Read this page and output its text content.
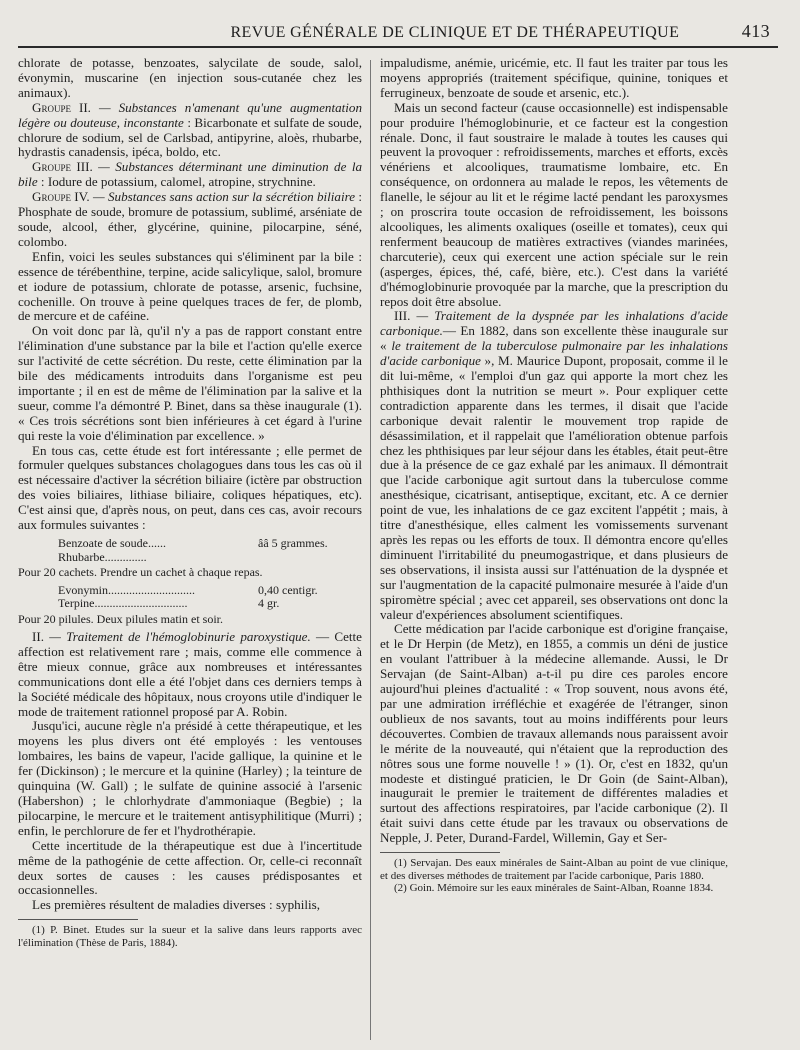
REVUE GÉNÉRALE DE CLINIQUE ET DE THÉRAPEUTIQUE	413

chlorate de potasse, benzoates, salycilate de soude, salol, évonymin, muscarine (en injection sous-cutanée chez les animaux).

Groupe II. — Substances n'amenant qu'une augmentation légère ou douteuse, inconstante : Bicarbonate et sulfate de soude, chlorure de sodium, sel de Carlsbad, antipyrine, aloès, rhubarbe, hydrastis canadensis, ipéca, boldo, etc.

Groupe III. — Substances déterminant une diminution de la bile : Iodure de potassium, calomel, atropine, strychnine.

Groupe IV. — Substances sans action sur la sécrétion biliaire : Phosphate de soude, bromure de potassium, sublimé, arséniate de soude, alcool, éther, glycérine, quinine, pilocarpine, séné, colombo.

Enfin, voici les seules substances qui s'éliminent par la bile : essence de térébenthine, terpine, acide salicylique, salol, bromure et iodure de potassium, chlorate de potasse, arsenic, fuchsine, cochenille. On trouve à peine quelques traces de fer, de plomb, de mercure et de caféine.

On voit donc par là, qu'il n'y a pas de rapport constant entre l'élimination d'une substance par la bile et l'action qu'elle exerce sur l'activité de cette sécrétion. Du reste, cette élimination par la bile des médicaments introduits dans l'organisme est peu importante ; il en est de même de l'élimination par la salive et la sueur, comme l'a démontré P. Binet, dans sa thèse inaugurale (1). « Ces trois sécrétions sont bien inférieures à cet égard à l'urine qui reste la voie d'élimination par excellence. »

En tous cas, cette étude est fort intéressante ; elle permet de formuler quelques substances cholagogues dans tous les cas où il est nécessaire d'activer la sécrétion biliaire (ictère par obstruction des voies biliaires, lithiase biliaire, coliques hépatiques, etc). C'est ainsi que, d'après nous, on peut, dans ces cas, avoir recours aux formules suivantes :

Benzoate de soude......	ââ 5 grammes.
Rhubarbe..............
Pour 20 cachets. Prendre un cachet à chaque repas.
Evonymin.............................	0,40 centigr.
Terpine...............................	4 gr.
Pour 20 pilules. Deux pilules matin et soir.

II. — Traitement de l'hémoglobinurie paroxystique. — Cette affection est relativement rare ; mais, comme elle commence à être mieux connue, grâce aux nombreuses et intéressantes communications dont elle a été l'objet dans ces derniers temps à la Société médicale des hôpitaux, nous croyons utile d'indiquer le mode de traitement rationnel proposé par A. Robin.

Jusqu'ici, aucune règle n'a présidé à cette thérapeutique, et les moyens les plus divers ont été employés : les ventouses lombaires, les bains de vapeur, l'acide gallique, la quinine et le fer (Dickinson) ; le mercure et la quinine (Harley) ; la teinture de quinquina (W. Gall) ; le sulfate de quinine associé à l'arsenic (Habershon) ; le chlorhydrate d'ammoniaque (Begbie) ; la pilocarpine, le mercure et le traitement antisyphilitique (Murri) ; enfin, le perchlorure de fer et l'hydrothérapie.

Cette incertitude de la thérapeutique est due à l'incertitude même de la pathogénie de cette affection. Or, celle-ci reconnaît deux sortes de causes : les causes prédisposantes et occasionnelles.

Les premières résultent de maladies diverses : syphilis,

(1) P. Binet. Etudes sur la sueur et la salive dans leurs rapports avec l'élimination (Thèse de Paris, 1884).

impaludisme, anémie, uricémie, etc. Il faut les traiter par tous les moyens appropriés (traitement spécifique, quinine, toniques et ferrugineux, benzoate de soude et arsenic, etc.).

Mais un second facteur (cause occasionnelle) est indispensable pour produire l'hémoglobinurie, et ce facteur est la congestion rénale. Donc, il faut soustraire le malade à toutes les causes qui peuvent la provoquer : refroidissements, marches et efforts, excès vénériens et alcooliques, traumatisme lombaire, etc. En conséquence, on ordonnera au malade le repos, les vêtements de flanelle, le séjour au lit et le régime lacté pendant les paroxysmes ; on proscrira toute occasion de refroidissement, les boissons alcooliques, les aliments oxaliques (oseille et tomates), ceux qui renferment beaucoup de matières extractives (viandes marinées, charcuterie), ceux qui exercent une action spéciale sur le rein (asperges, épices, thé, café, bière, etc.). C'est dans la variété d'hémoglobinurie provoquée par la marche, que la prescription du repos doit être absolue.

III. — Traitement de la dyspnée par les inhalations d'acide carbonique.— En 1882, dans son excellente thèse inaugurale sur « le traitement de la tuberculose pulmonaire par les inhalations d'acide carbonique », M. Maurice Dupont, proposait, comme il le dit lui-même, « l'emploi d'un gaz qui apporte la mort chez les phthisiques dont la nutrition se meurt ». Pour expliquer cette contradiction apparente dans les termes, il disait que l'acide carbonique devait ralentir le mouvement trop rapide de désassimilation, et il rappelait que l'amélioration obtenue parfois chez les phthisiques par leur séjour dans les étables, était peut-être due à la présence de ce gaz exhalé par les animaux. Il démontrait que l'acide carbonique agit surtout dans la tuberculose comme anesthésique, cicatrisant, antiseptique, excitant, etc. A ce dernier point de vue, les inhalations de ce gaz excitent l'appétit ; mais, à titre d'anesthésique, elles calment les vomissements survenant après les repas ou les efforts de toux. Il démontra encore qu'elles diminuent l'irritabilité du pneumogastrique, et dans plusieurs de ses observations, il insista aussi sur l'atténuation de la dyspnée et sur l'augmentation de la capacité pulmonaire mesurée à l'aide d'un spiromètre spécial ; avec cet appareil, ses observations ont donc la valeur d'expériences absolument scientifiques.

Cette médication par l'acide carbonique est d'origine française, et le Dr Herpin (de Metz), en 1855, a commis un déni de justice en voulant l'attribuer à la médecine allemande. Aussi, le Dr Servajan (de Saint-Alban) a-t-il pu dire ces paroles encore aujourd'hui pleines d'actualité : « Trop souvent, nous avons été, par une admiration irréfléchie et exagérée de l'étranger, sinon oublieux de nos savants, tout au moins indifférents pour leurs découvertes. Combien de travaux allemands nous paraissent avoir le mérite de la nouveauté, qui n'étaient que la reproduction des nôtres sous une forme nouvelle ! » (1). Or, c'est en 1832, qu'un modeste et distingué praticien, le Dr Goin (de Saint-Alban), inaugurait le premier le traitement de différentes maladies et surtout des affections respiratoires, par l'acide carbonique (2). Il était suivi dans cette étude par les travaux ou observations de Nepple, J. Peter, Durand-Fardel, Willemin, Gay et Ser-

(1) Servajan. Des eaux minérales de Saint-Alban au point de vue clinique, et des diverses méthodes de traitement par l'acide carbonique, Paris 1880.

(2) Goin. Mémoire sur les eaux minérales de Saint-Alban, Roanne 1834.
